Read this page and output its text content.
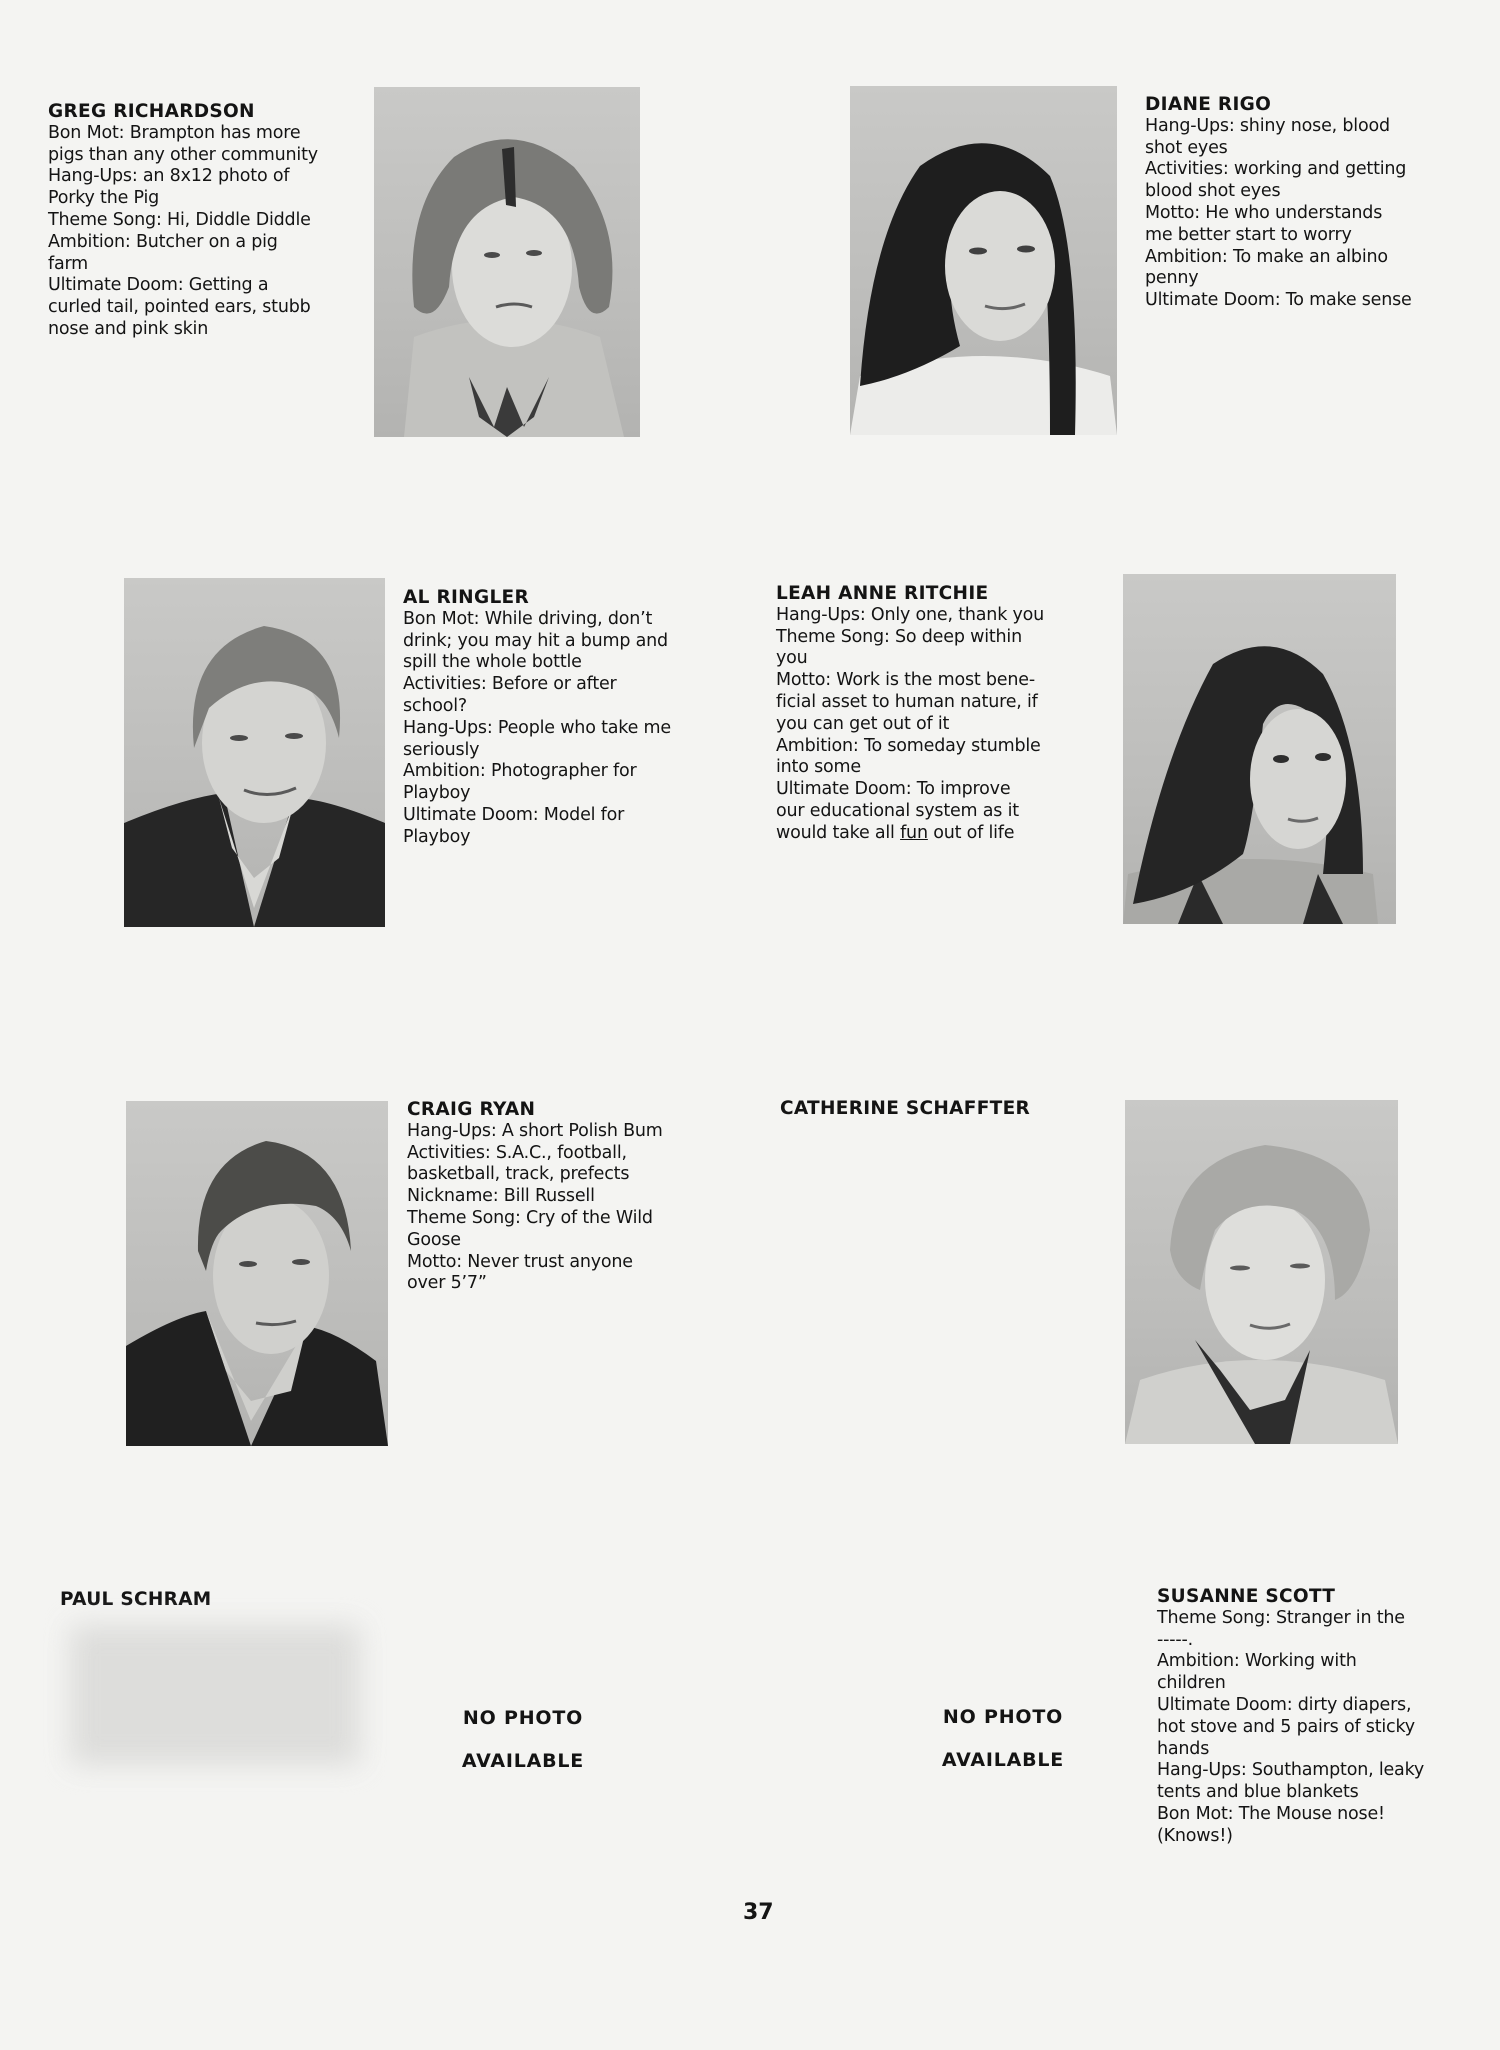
GREG RICHARDSON
Bon Mot: Brampton has more
pigs than any other community
Hang-Ups: an 8x12 photo of
Porky the Pig
Theme Song: Hi, Diddle Diddle
Ambition: Butcher on a pig
farm
Ultimate Doom: Getting a
curled tail, pointed ears, stubb
nose and pink skin
DIANE RIGO
Hang-Ups: shiny nose, blood
shot eyes
Activities: working and getting
blood shot eyes
Motto: He who understands
me better start to worry
Ambition: To make an albino
penny
Ultimate Doom: To make sense
AL RINGLER
Bon Mot: While driving, don’t
drink; you may hit a bump and
spill the whole bottle
Activities: Before or after
school?
Hang-Ups: People who take me
seriously
Ambition: Photographer for
Playboy
Ultimate Doom: Model for
Playboy
LEAH ANNE RITCHIE
Hang-Ups: Only one, thank you
Theme Song: So deep within
you
Motto: Work is the most bene-
ficial asset to human nature, if
you can get out of it
Ambition: To someday stumble
into some
Ultimate Doom: To improve
our educational system as it
would take all fun out of life
CRAIG RYAN
Hang-Ups: A short Polish Bum
Activities: S.A.C., football,
basketball, track, prefects
Nickname: Bill Russell
Theme Song: Cry of the Wild
Goose
Motto: Never trust anyone
over 5’7”
CATHERINE SCHAFFTER
PAUL SCHRAM
NO PHOTO
AVAILABLE
NO PHOTO
AVAILABLE
SUSANNE SCOTT
Theme Song: Stranger in the
-----.
Ambition: Working with
children
Ultimate Doom: dirty diapers,
hot stove and 5 pairs of sticky
hands
Hang-Ups: Southampton, leaky
tents and blue blankets
Bon Mot: The Mouse nose!
(Knows!)
37
